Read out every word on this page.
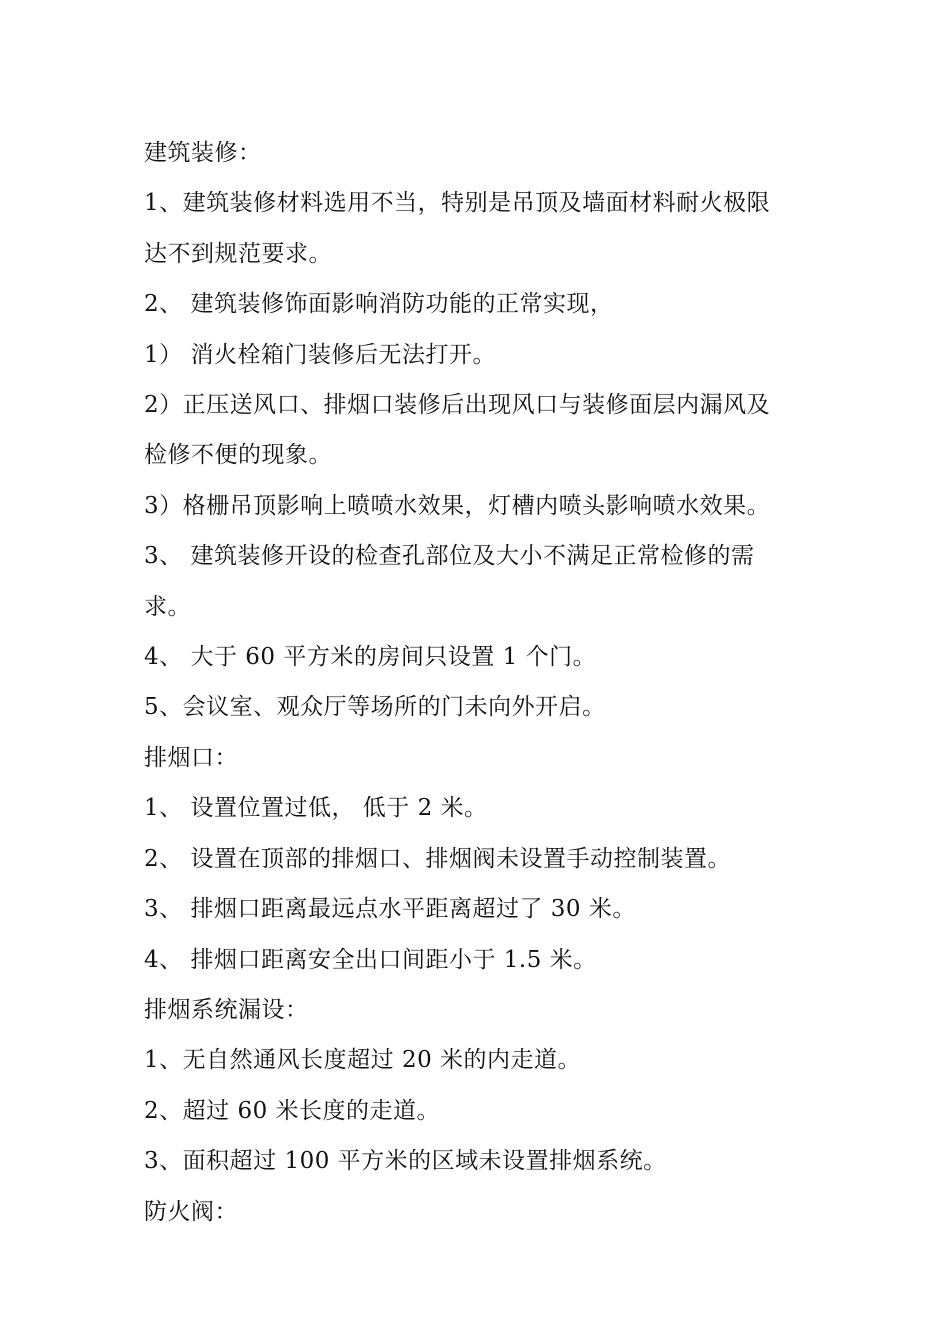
建筑装修：

1、建筑装修材料选用不当，特别是吊顶及墙面材料耐火极限

达不到规范要求。

2、 建筑装修饰面影响消防功能的正常实现，

1） 消火栓箱门装修后无法打开。

2）正压送风口、排烟口装修后出现风口与装修面层内漏风及

检修不便的现象。

3）格栅吊顶影响上喷喷水效果，灯槽内喷头影响喷水效果。

3、 建筑装修开设的检查孔部位及大小不满足正常检修的需

求。

4、 大于 60 平方米的房间只设置 1 个门。

5、会议室、观众厅等场所的门未向外开启。

排烟口：

1、 设置位置过低， 低于 2 米。

2、 设置在顶部的排烟口、排烟阀未设置手动控制装置。

3、 排烟口距离最远点水平距离超过了 30 米。

4、 排烟口距离安全出口间距小于 1.5 米。

排烟系统漏设：

1、无自然通风长度超过 20 米的内走道。

2、超过 60 米长度的走道。

3、面积超过 100 平方米的区域未设置排烟系统。

防火阀：
